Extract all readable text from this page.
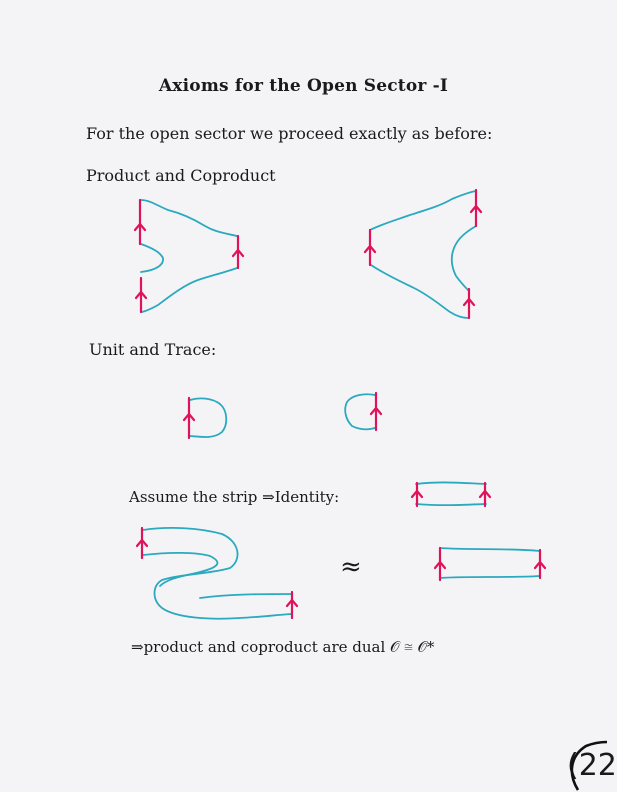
Axioms for the Open Sector -I
For the open sector we proceed exactly as before:
Product and Coproduct
Unit and Trace:
Assume the strip ⇒Identity:
≈
⇒product and coproduct are dual 𝒪 ≅ 𝒪*
(22
